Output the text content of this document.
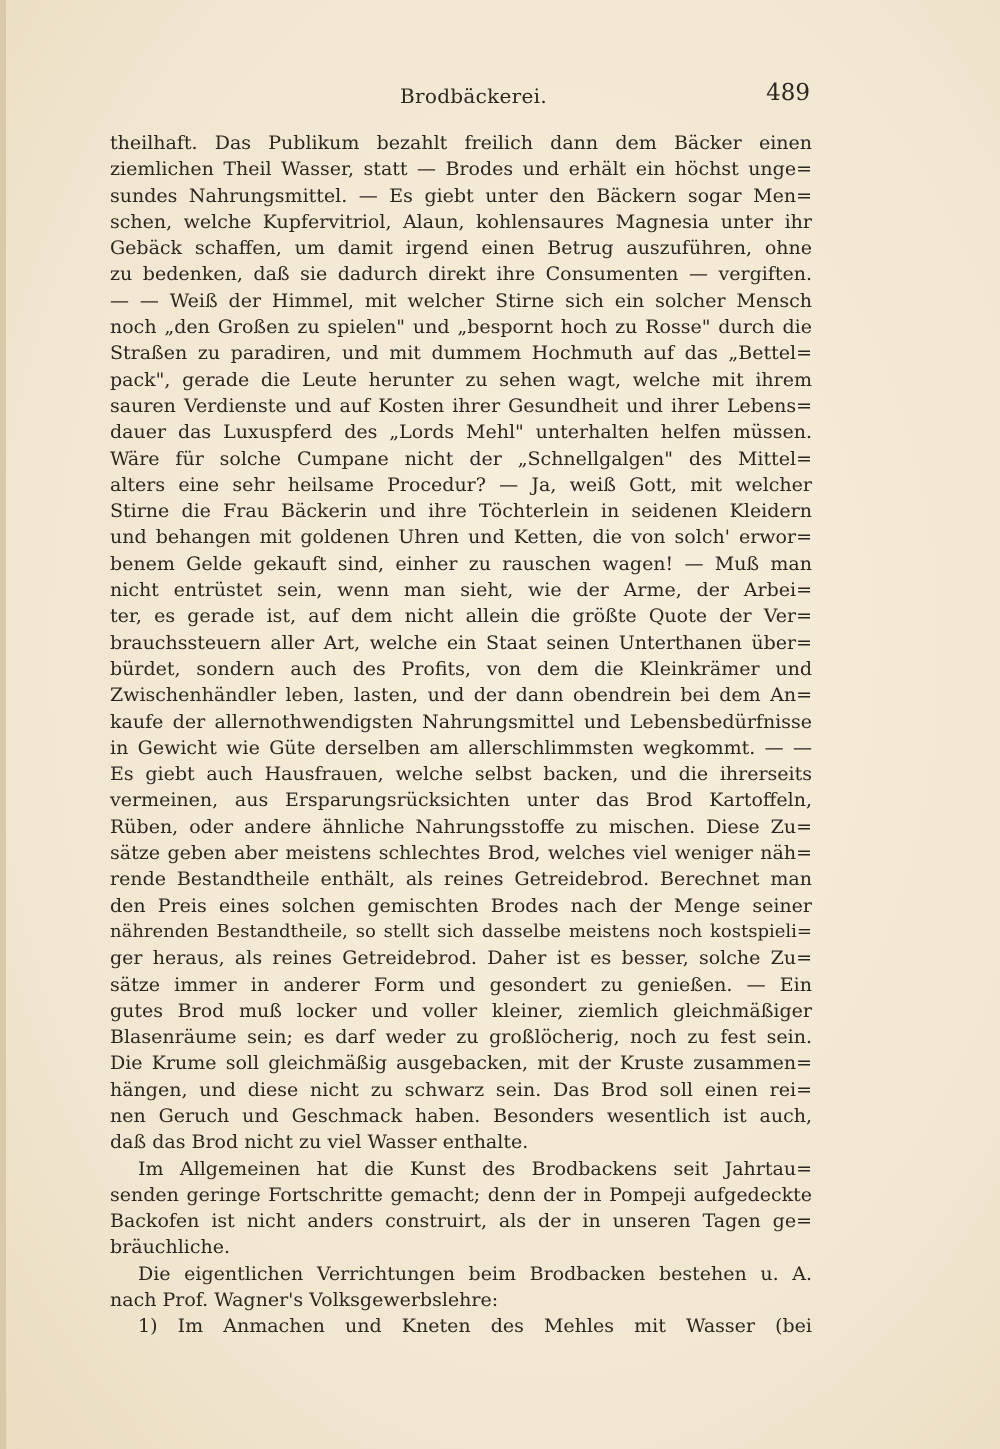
Brodbäckerei.	489
theilhaft. Das Publikum bezahlt freilich dann dem Bäcker einen
ziemlichen Theil Wasser, statt — Brodes und erhält ein höchst unge=
sundes Nahrungsmittel. — Es giebt unter den Bäckern sogar Men=
schen, welche Kupfervitriol, Alaun, kohlensaures Magnesia unter ihr
Gebäck schaffen, um damit irgend einen Betrug auszuführen, ohne
zu bedenken, daß sie dadurch direkt ihre Consumenten — vergiften.
— — Weiß der Himmel, mit welcher Stirne sich ein solcher Mensch
noch „den Großen zu spielen" und „bespornt hoch zu Rosse" durch die
Straßen zu paradiren, und mit dummem Hochmuth auf das „Bettel=
pack", gerade die Leute herunter zu sehen wagt, welche mit ihrem
sauren Verdienste und auf Kosten ihrer Gesundheit und ihrer Lebens=
dauer das Luxuspferd des „Lords Mehl" unterhalten helfen müssen.
Wäre für solche Cumpane nicht der „Schnellgalgen" des Mittel=
alters eine sehr heilsame Procedur? — Ja, weiß Gott, mit welcher
Stirne die Frau Bäckerin und ihre Töchterlein in seidenen Kleidern
und behangen mit goldenen Uhren und Ketten, die von solch' erwor=
benem Gelde gekauft sind, einher zu rauschen wagen! — Muß man
nicht entrüstet sein, wenn man sieht, wie der Arme, der Arbei=
ter, es gerade ist, auf dem nicht allein die größte Quote der Ver=
brauchssteuern aller Art, welche ein Staat seinen Unterthanen über=
bürdet, sondern auch des Profits, von dem die Kleinkrämer und
Zwischenhändler leben, lasten, und der dann obendrein bei dem An=
kaufe der allernothwendigsten Nahrungsmittel und Lebensbedürfnisse
in Gewicht wie Güte derselben am allerschlimmsten wegkommt. — —
Es giebt auch Hausfrauen, welche selbst backen, und die ihrerseits
vermeinen, aus Ersparungsrücksichten unter das Brod Kartoffeln,
Rüben, oder andere ähnliche Nahrungsstoffe zu mischen. Diese Zu=
sätze geben aber meistens schlechtes Brod, welches viel weniger näh=
rende Bestandtheile enthält, als reines Getreidebrod. Berechnet man
den Preis eines solchen gemischten Brodes nach der Menge seiner
nährenden Bestandtheile, so stellt sich dasselbe meistens noch kostspieli=
ger heraus, als reines Getreidebrod. Daher ist es besser, solche Zu=
sätze immer in anderer Form und gesondert zu genießen. — Ein
gutes Brod muß locker und voller kleiner, ziemlich gleichmäßiger
Blasenräume sein; es darf weder zu großlöcherig, noch zu fest sein.
Die Krume soll gleichmäßig ausgebacken, mit der Kruste zusammen=
hängen, und diese nicht zu schwarz sein. Das Brod soll einen rei=
nen Geruch und Geschmack haben. Besonders wesentlich ist auch,
daß das Brod nicht zu viel Wasser enthalte.
Im Allgemeinen hat die Kunst des Brodbackens seit Jahrtau=
senden geringe Fortschritte gemacht; denn der in Pompeji aufgedeckte
Backofen ist nicht anders construirt, als der in unseren Tagen ge=
bräuchliche.
Die eigentlichen Verrichtungen beim Brodbacken bestehen u. A.
nach Prof. Wagner's Volksgewerbslehre:
1) Im Anmachen und Kneten des Mehles mit Wasser (bei
